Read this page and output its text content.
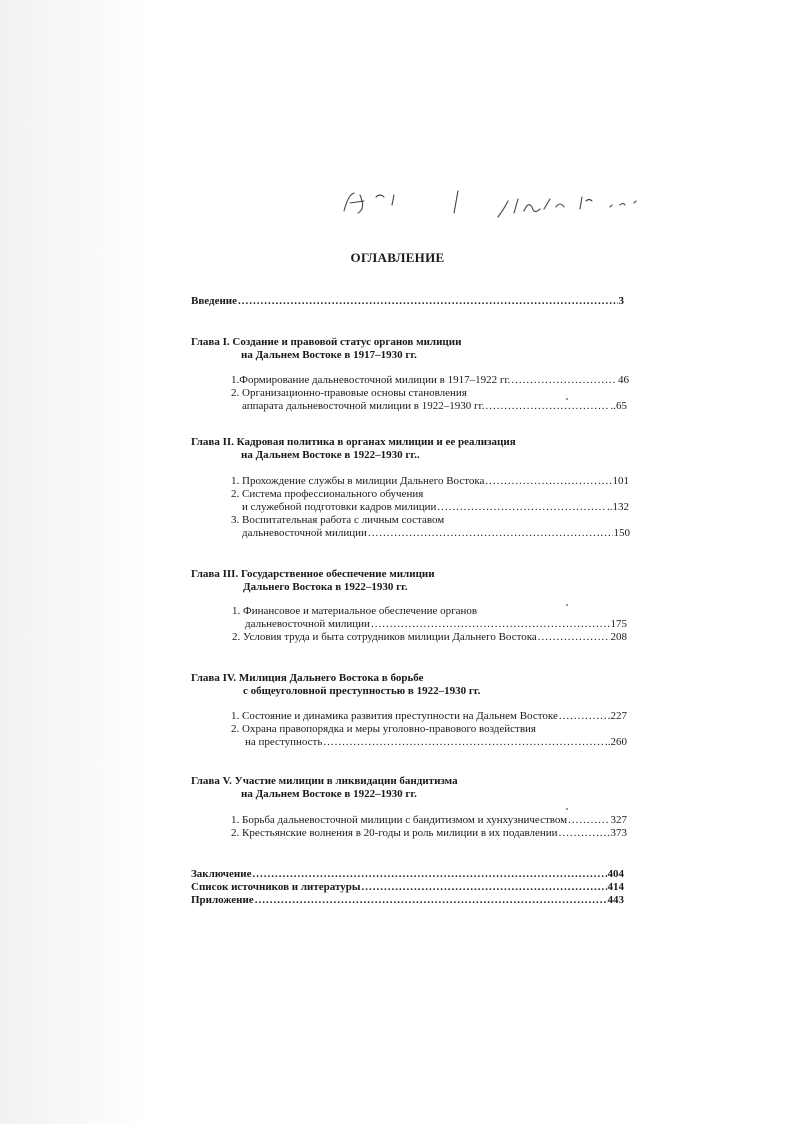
ОГЛАВЛЕНИЕ
Введение .....	3
Глава I. Создание и правовой статус органов милиции
на Дальнем Востоке в 1917–1930 гг.
1.Формирование дальневосточной милиции в 1917–1922 гг. .....	46
2. Организационно-правовые основы становления
аппарата дальневосточной милиции в 1922–1930 гг. .....	..65
Глава II. Кадровая политика в органах милиции и ее реализация
на Дальнем Востоке в 1922–1930 гг..
1. Прохождение службы в милиции Дальнего Востока .....	101
2. Система профессионального обучения
и служебной подготовки кадров милиции .....	..132
3. Воспитательная работа с личным составом
дальневосточной милиции .....	150
Глава III. Государственное обеспечение милиции
Дальнего Востока в 1922–1930 гг.
1. Финансовое и материальное обеспечение органов
дальневосточной милиции .....	175
2. Условия труда и быта сотрудников милиции Дальнего Востока .....	208
Глава IV. Милиция Дальнего Востока в борьбе
с общеуголовной преступностью в 1922–1930 гг.
1. Состояние и динамика развития преступности на Дальнем Востоке .....	227
2. Охрана правопорядка и меры уголовно-правового воздействия
на преступность .....	..260
Глава V. Участие милиции в ликвидации бандитизма
на Дальнем Востоке в 1922–1930 гг.
1. Борьба дальневосточной милиции с бандитизмом и хунхузничеством .....	327
2. Крестьянские волнения в 20-годы и роль милиции в их подавлении .....	373
Заключение .....	404
Список источников и литературы .....	414
Приложение .....	443
